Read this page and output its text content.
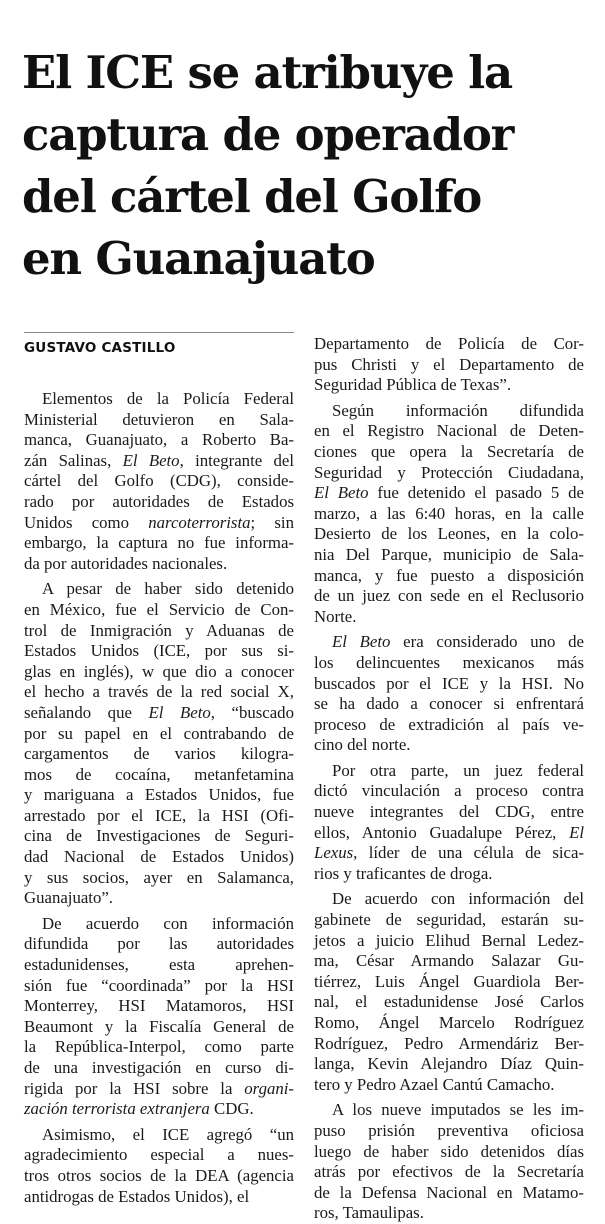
El ICE se atribuye la
captura de operador
del cártel del Golfo
en Guanajuato
GUSTAVO CASTILLO
Elementos de la Policía Federal
Ministerial detuvieron en Sala-
manca, Guanajuato, a Roberto Ba-
zán Salinas, El Beto, integrante del
cártel del Golfo (CDG), conside-
rado por autoridades de Estados
Unidos como narcoterrorista; sin
embargo, la captura no fue informa-
da por autoridades nacionales.
A pesar de haber sido detenido
en México, fue el Servicio de Con-
trol de Inmigración y Aduanas de
Estados Unidos (ICE, por sus si-
glas en inglés), w que dio a conocer
el hecho a través de la red social X,
señalando que El Beto, “buscado
por su papel en el contrabando de
cargamentos de varios kilogra-
mos de cocaína, metanfetamina
y mariguana a Estados Unidos, fue
arrestado por el ICE, la HSI (Ofi-
cina de Investigaciones de Seguri-
dad Nacional de Estados Unidos)
y sus socios, ayer en Salamanca,
Guanajuato”.
De acuerdo con información
difundida por las autoridades
estadunidenses, esta aprehen-
sión fue “coordinada” por la HSI
Monterrey, HSI Matamoros, HSI
Beaumont y la Fiscalía General de
la República-Interpol, como parte
de una investigación en curso di-
rigida por la HSI sobre la organi-
zación terrorista extranjera CDG.
Asimismo, el ICE agregó “un
agradecimiento especial a nues-
tros otros socios de la DEA (agencia
antidrogas de Estados Unidos), el
Departamento de Policía de Cor-
pus Christi y el Departamento de
Seguridad Pública de Texas”.
Según información difundida
en el Registro Nacional de Deten-
ciones que opera la Secretaría de
Seguridad y Protección Ciudadana,
El Beto fue detenido el pasado 5 de
marzo, a las 6:40 horas, en la calle
Desierto de los Leones, en la colo-
nia Del Parque, municipio de Sala-
manca, y fue puesto a disposición
de un juez con sede en el Reclusorio
Norte.
El Beto era considerado uno de
los delincuentes mexicanos más
buscados por el ICE y la HSI. No
se ha dado a conocer si enfrentará
proceso de extradición al país ve-
cino del norte.
Por otra parte, un juez federal
dictó vinculación a proceso contra
nueve integrantes del CDG, entre
ellos, Antonio Guadalupe Pérez, El
Lexus, líder de una célula de sica-
rios y traficantes de droga.
De acuerdo con información del
gabinete de seguridad, estarán su-
jetos a juicio Elihud Bernal Ledez-
ma, César Armando Salazar Gu-
tiérrez, Luis Ángel Guardiola Ber-
nal, el estadunidense José Carlos
Romo, Ángel Marcelo Rodríguez
Rodríguez, Pedro Armendáriz Ber-
langa, Kevin Alejandro Díaz Quin-
tero y Pedro Azael Cantú Camacho.
A los nueve imputados se les im-
puso prisión preventiva oficiosa
luego de haber sido detenidos días
atrás por efectivos de la Secretaría
de la Defensa Nacional en Matamo-
ros, Tamaulipas.
